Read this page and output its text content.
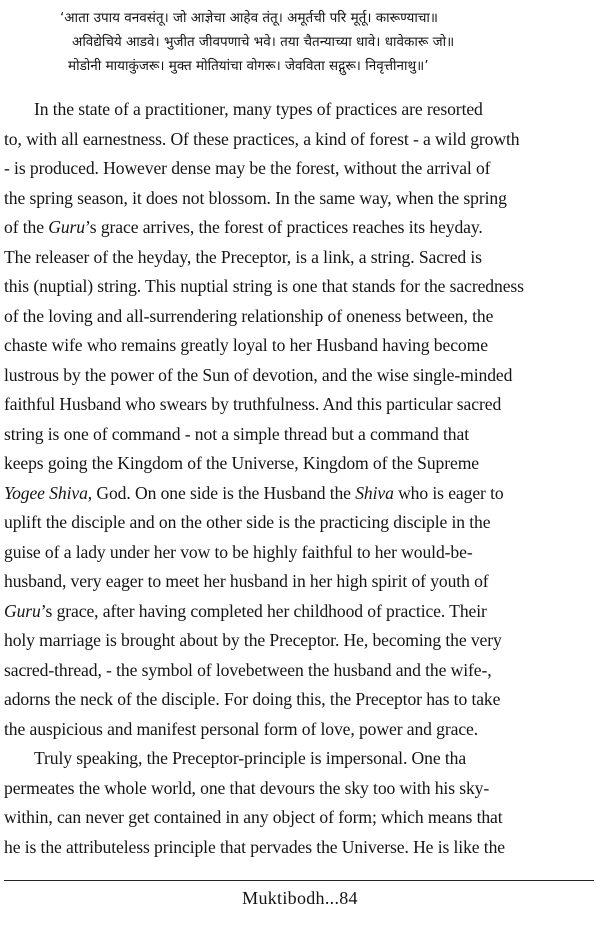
‘आता उपाय वनवसंतू। जो आज्ञेचा आहेव तंतू। अमूर्तची परि मूर्तू। कारूण्याचा॥
अविद्येचिये आडवे। भुजीत जीवपणाचे भवे। तया चैतन्याच्या धावे। धावेकारू जो॥
मोडोनी मायाकुंजरू। मुक्त मोतियांचा वोगरू। जेवविता सद्गुरू। निवृत्तीनाथु॥’
In the state of a practitioner, many types of practices are resorted
to, with all earnestness. Of these practices, a kind of forest - a wild growth
- is produced. However dense may be the forest, without the arrival of
the spring season, it does not blossom. In the same way, when the spring
of the Guru’s grace arrives, the forest of practices reaches its heyday.
The releaser of the heyday, the Preceptor, is a link, a string. Sacred is
this (nuptial) string. This nuptial string is one that stands for the sacredness
of the loving and all-surrendering relationship of oneness between, the
chaste wife who remains greatly loyal to her Husband having become
lustrous by the power of the Sun of devotion, and the wise single-minded
faithful Husband who swears by truthfulness. And this particular sacred
string is one of command - not a simple thread but a command that
keeps going the Kingdom of the Universe, Kingdom of the Supreme
Yogee Shiva, God. On one side is the Husband the Shiva who is eager to
uplift the disciple and on the other side is the practicing disciple in the
guise of a lady under her vow to be highly faithful to her would-be-
husband, very eager to meet her husband in her high spirit of youth of
Guru’s grace, after having completed her childhood of practice. Their
holy marriage is brought about by the Preceptor. He, becoming the very
sacred-thread, - the symbol of lovebetween the husband and the wife-,
adorns the neck of the disciple. For doing this, the Preceptor has to take
the auspicious and manifest personal form of love, power and grace.
Truly speaking, the Preceptor-principle is impersonal. One tha
permeates the whole world, one that devours the sky too with his sky-
within, can never get contained in any object of form; which means that
he is the attributeless principle that pervades the Universe. He is like the
Muktibodh...84
